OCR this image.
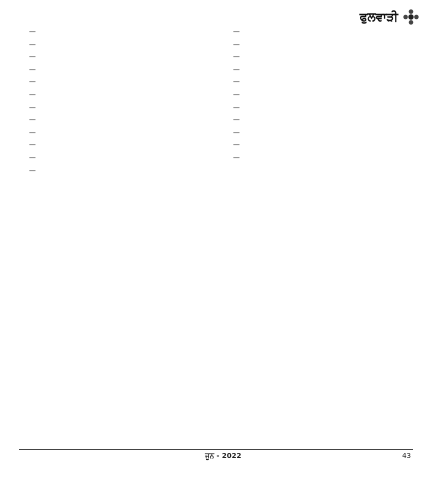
ਫੁਲਵਾੜੀ

—

—

—

—

—

—

—

—

—

—

—

—

—

—

—

—

—

—

—

—

—

—

—

ਜੂਨ - 2022	43
